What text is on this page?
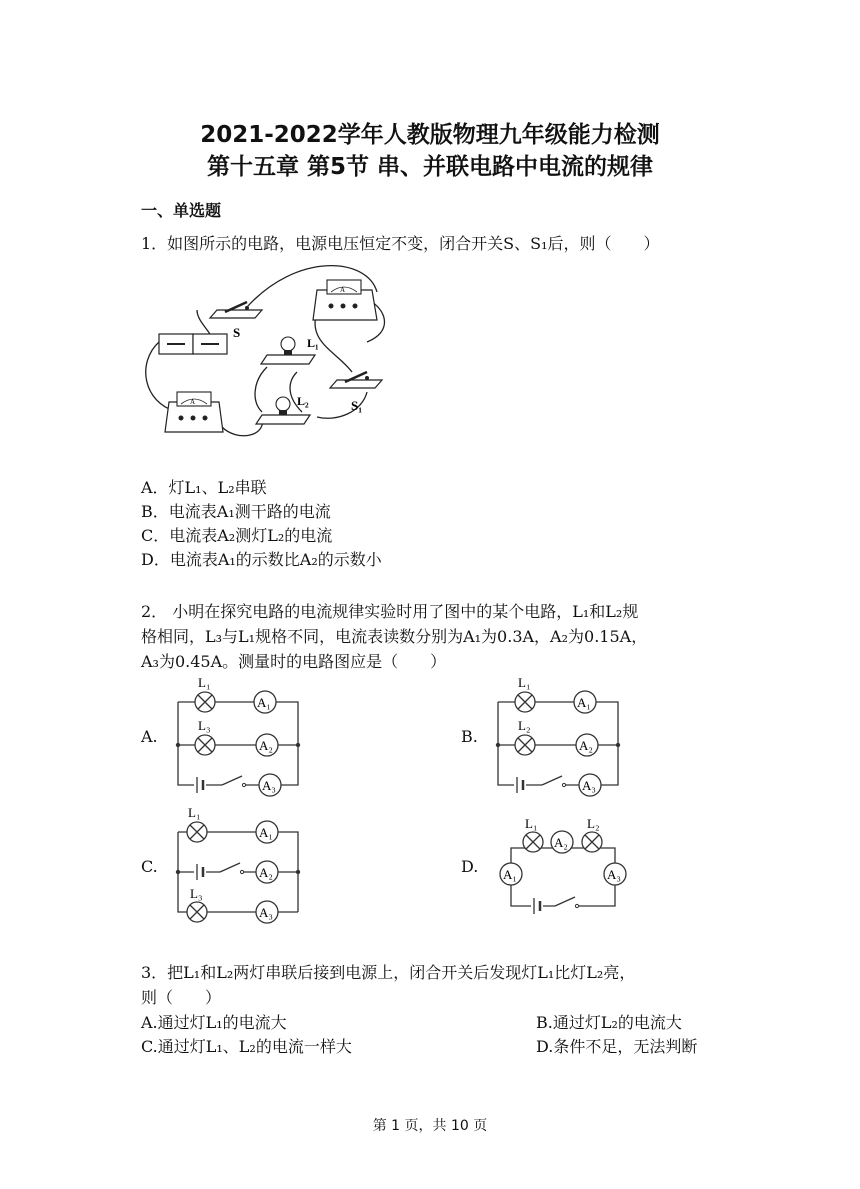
2021-2022学年人教版物理九年级能力检测
第十五章 第5节 串、并联电路中电流的规律
一、单选题
1．如图所示的电路，电源电压恒定不变，闭合开关S、S₁后，则（　　）
S
A
L₁
S₁
L₂
A
A．灯L₁、L₂串联
B．电流表A₁测干路的电流
C．电流表A₂测灯L₂的电流
D．电流表A₁的示数比A₂的示数小
2． 小明在探究电路的电流规律实验时用了图中的某个电路，L₁和L₂规
格相同，L₃与L₁规格不同，电流表读数分别为A₁为0.3A，A₂为0.15A，
A₃为0.45A。测量时的电路图应是（　　）
A.
L₁
A₁
L₃
A₂
A₃
B.
L₁
A₁
L₂
A₂
A₃
C.
L₁
A₁
A₂
L₃
A₃
D.
L₁
A₂
L₂
A₁	A₃
3．把L₁和L₂两灯串联后接到电源上，闭合开关后发现灯L₁比灯L₂亮，
则（　　）
A.通过灯L₁的电流大	B.通过灯L₂的电流大
C.通过灯L₁、L₂的电流一样大	D.条件不足，无法判断
第 1 页，共 10 页
